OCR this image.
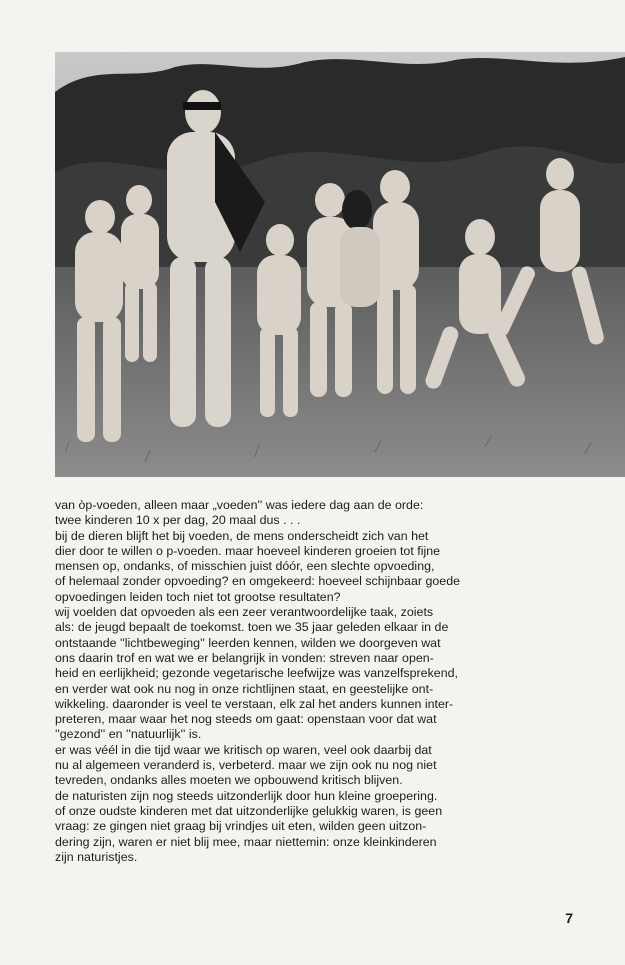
van òp-voeden, alleen maar „voeden'' was iedere dag aan de orde:
twee kinderen 10 x per dag, 20 maal dus . . .
bij de dieren blijft het bij voeden, de mens onderscheidt zich van het
dier door te willen o p-voeden. maar hoeveel kinderen groeien tot fijne
mensen op, ondanks, of misschien juist dóór, een slechte opvoeding,
of helemaal zonder opvoeding? en omgekeerd: hoeveel schijnbaar goede
opvoedingen leiden toch niet tot grootse resultaten?
wij voelden dat opvoeden als een zeer verantwoordelijke taak, zoiets
als: de jeugd bepaalt de toekomst. toen we 35 jaar geleden elkaar in de
ontstaande ''lichtbeweging'' leerden kennen, wilden we doorgeven wat
ons daarin trof en wat we er belangrijk in vonden: streven naar open-
heid en eerlijkheid; gezonde vegetarische leefwijze was vanzelfsprekend,
en verder wat ook nu nog in onze richtlijnen staat, en geestelijke ont-
wikkeling. daaronder is veel te verstaan, elk zal het anders kunnen inter-
preteren, maar waar het nog steeds om gaat: openstaan voor dat wat
''gezond'' en ''natuurlijk'' is.
er was véél in die tijd waar we kritisch op waren, veel ook daarbij dat
nu al algemeen veranderd is, verbeterd. maar we zijn ook nu nog niet
tevreden, ondanks alles moeten we opbouwend kritisch blijven.
de naturisten zijn nog steeds uitzonderlijk door hun kleine groepering.
of onze oudste kinderen met dat uitzonderlijke gelukkig waren, is geen
vraag: ze gingen niet graag bij vrindjes uit eten, wilden geen uitzon-
dering zijn, waren er niet blij mee, maar niettemin: onze kleinkinderen
zijn naturistjes.
7
